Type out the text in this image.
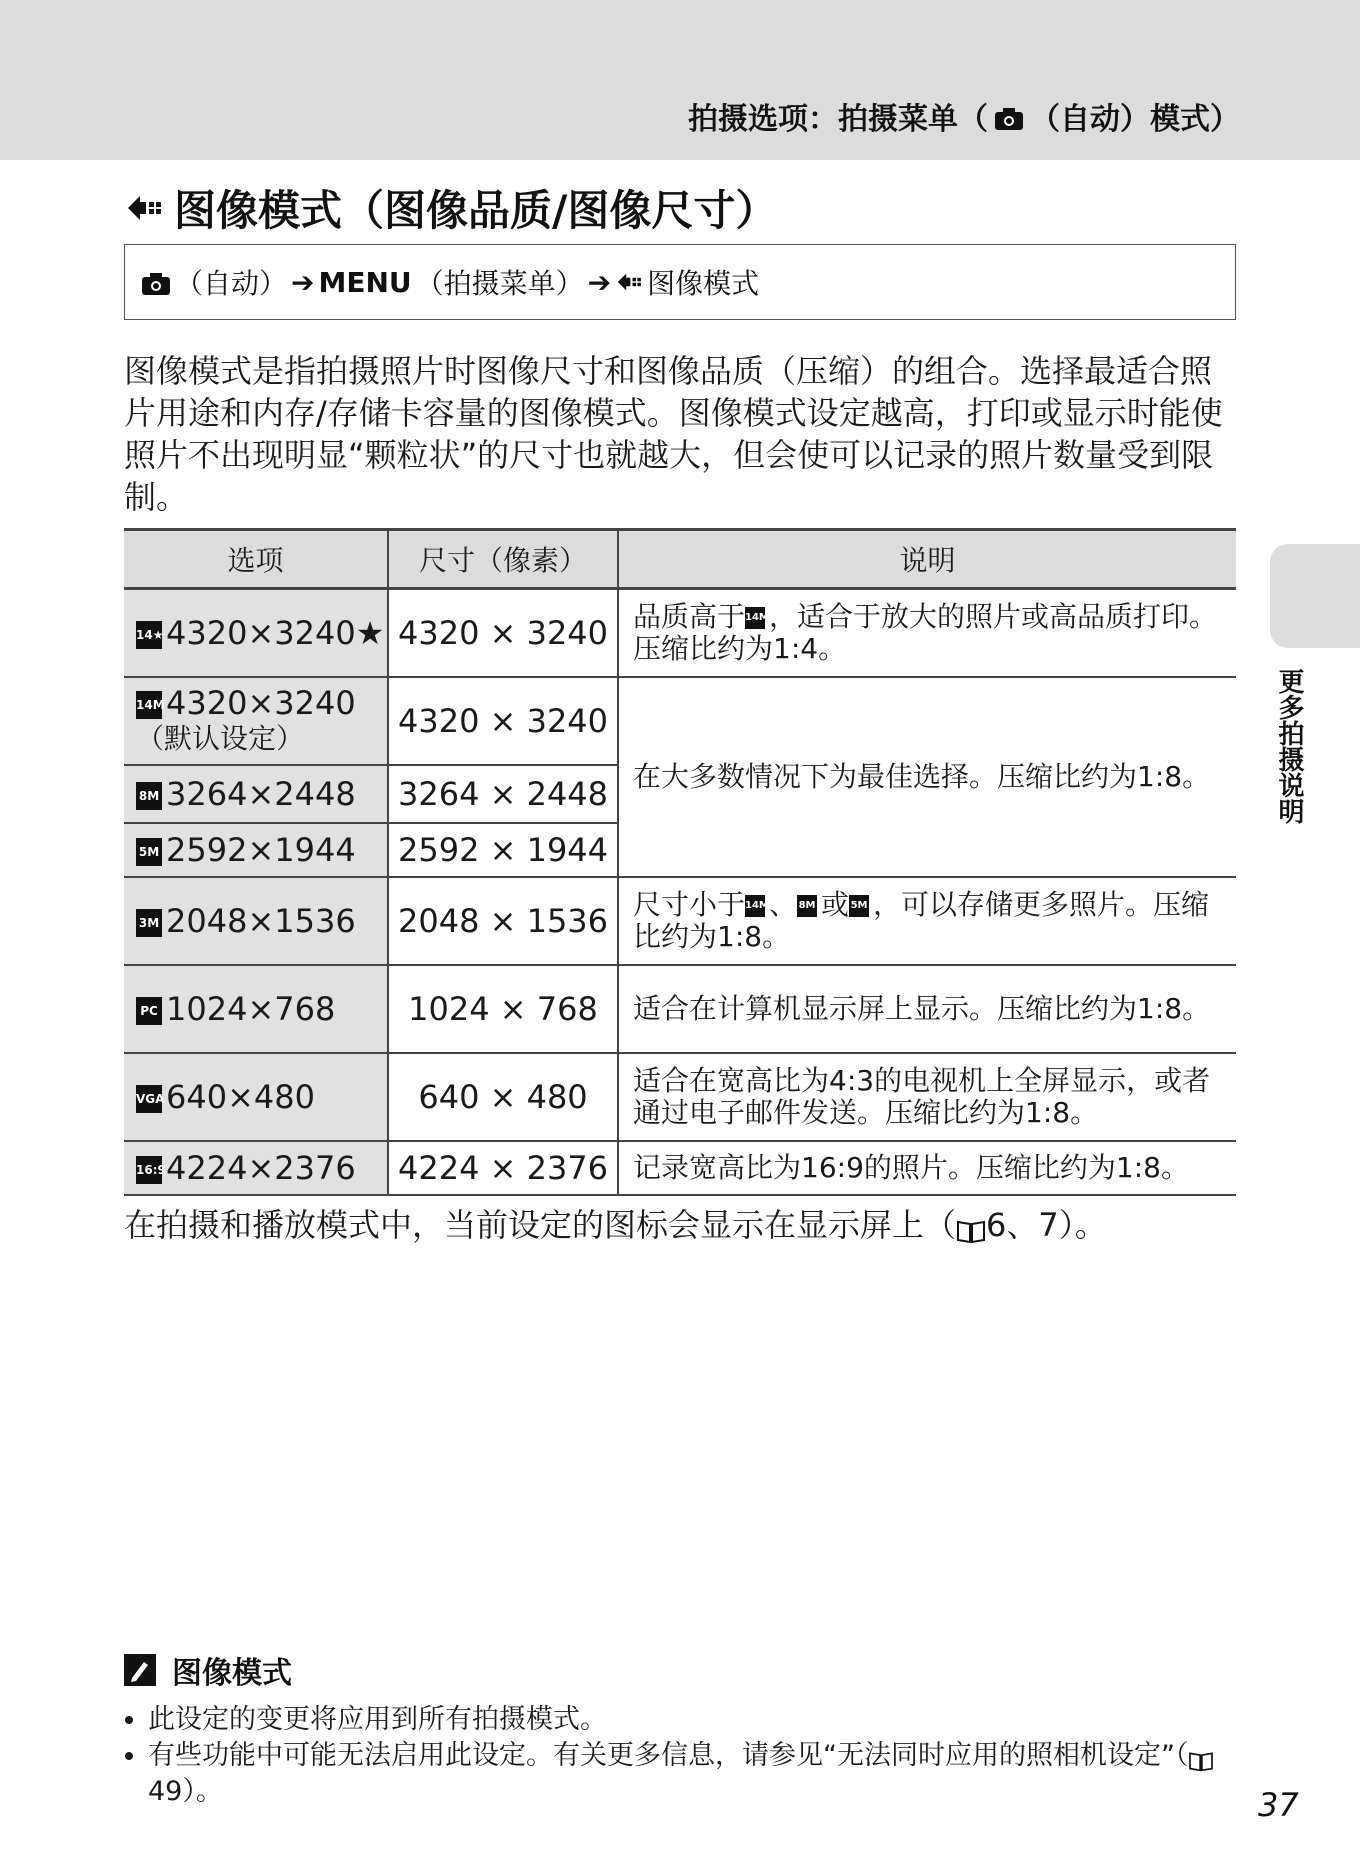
拍摄选项：拍摄菜单（ （自动）模式）
图像模式（图像品质/图像尺寸）
（自动） ➔ MENU （拍摄菜单） ➔ 图像模式

图像模式是指拍摄照片时图像尺寸和图像品质（压缩）的组合。选择最适合照片用途和内存/存储卡容量的图像模式。图像模式设定越高，打印或显示时能使照片不出现明显“颗粒状”的尺寸也就越大，但会使可以记录的照片数量受到限制。

选项	尺寸（像素）	说明
14★4320×3240★	4320 × 3240	品质高于14M，适合于放大的照片或高品质打印。压缩比约为1:4。
14M4320×3240
（默认设定）	4320 × 3240	在大多数情况下为最佳选择。压缩比约为1:8。
8M 3264×2448	3264 × 2448	
5M 2592×1944	2592 × 1944	
3M 2048×1536	2048 × 1536	尺寸小于14M、 8M 或 5M ，可以存储更多照片。压缩比约为1:8。
PC 1024×768	1024 × 768	适合在计算机显示屏上显示。压缩比约为1:8。
VGA640×480	640 × 480	适合在宽高比为4:3的电视机上全屏显示，或者通过电子邮件发送。压缩比约为1:8。
16:94224×2376	4224 × 2376	记录宽高比为16:9的照片。压缩比约为1:8。
在拍摄和播放模式中，当前设定的图标会显示在显示屏上（ 6、7）。
更多拍摄说明
图像模式
• 此设定的变更将应用到所有拍摄模式。
• 有些功能中可能无法启用此设定。有关更多信息，请参见“无法同时应用的照相机设定”（49）。	37
